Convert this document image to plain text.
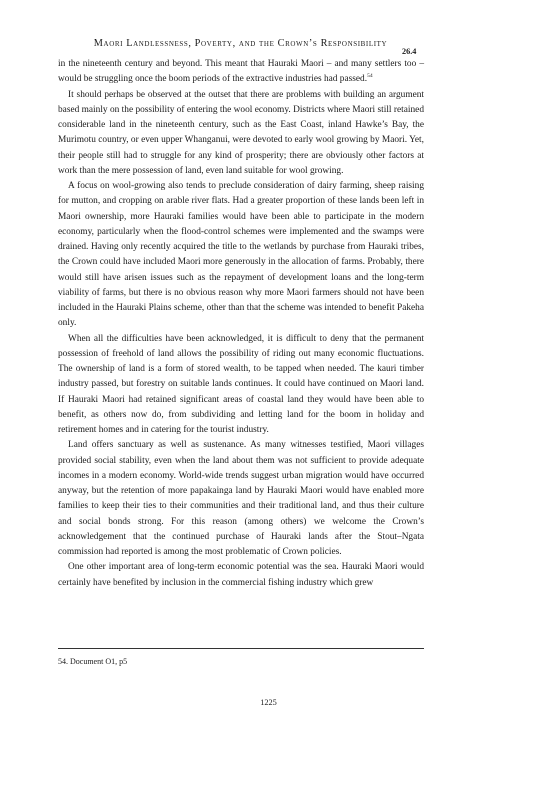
Maori Landlessness, Poverty, and the Crown’s Responsibility
26.4

in the nineteenth century and beyond. This meant that Hauraki Maori – and many settlers too – would be struggling once the boom periods of the extractive industries had passed.$^{54}$

It should perhaps be observed at the outset that there are problems with building an argument based mainly on the possibility of entering the wool economy. Districts where Maori still retained considerable land in the nineteenth century, such as the East Coast, inland Hawke’s Bay, the Murimotu country, or even upper Whanganui, were devoted to early wool growing by Maori. Yet, their people still had to struggle for any kind of prosperity; there are obviously other factors at work than the mere possession of land, even land suitable for wool growing.

A focus on wool-growing also tends to preclude consideration of dairy farming, sheep raising for mutton, and cropping on arable river flats. Had a greater proportion of these lands been left in Maori ownership, more Hauraki families would have been able to participate in the modern economy, particularly when the flood-control schemes were implemented and the swamps were drained. Having only recently acquired the title to the wetlands by purchase from Hauraki tribes, the Crown could have included Maori more generously in the allocation of farms. Probably, there would still have arisen issues such as the repayment of development loans and the long-term viability of farms, but there is no obvious reason why more Maori farmers should not have been included in the Hauraki Plains scheme, other than that the scheme was intended to benefit Pakeha only.

When all the difficulties have been acknowledged, it is difficult to deny that the permanent possession of freehold of land allows the possibility of riding out many economic fluctuations. The ownership of land is a form of stored wealth, to be tapped when needed. The kauri timber industry passed, but forestry on suitable lands continues. It could have continued on Maori land. If Hauraki Maori had retained significant areas of coastal land they would have been able to benefit, as others now do, from subdividing and letting land for the boom in holiday and retirement homes and in catering for the tourist industry.

Land offers sanctuary as well as sustenance. As many witnesses testified, Maori villages provided social stability, even when the land about them was not sufficient to provide adequate incomes in a modern economy. World-wide trends suggest urban migration would have occurred anyway, but the retention of more papakainga land by Hauraki Maori would have enabled more families to keep their ties to their communities and their traditional land, and thus their culture and social bonds strong. For this reason (among others) we welcome the Crown’s acknowledgement that the continued purchase of Hauraki lands after the Stout–Ngata commission had reported is among the most problematic of Crown policies.

One other important area of long-term economic potential was the sea. Hauraki Maori would certainly have benefited by inclusion in the commercial fishing industry which grew

54. Document O1, p5
1225
